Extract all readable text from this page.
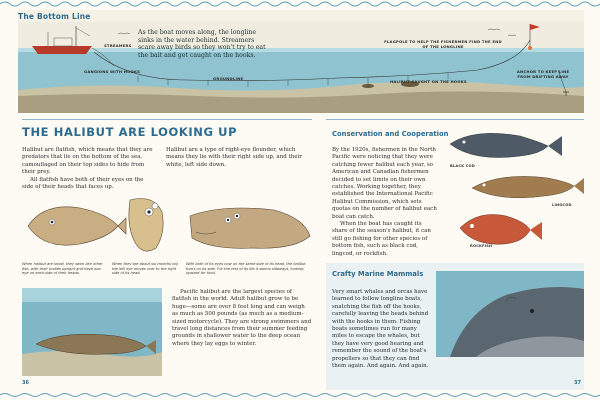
The Bottom Line
As the boat moves along, the longline sinks in the water behind. Streamers scare away birds so they won't try to eat the bait and get caught on the hooks.
STREAMERS
GANGIONS WITH HOOKS
GROUNDLINE
FLAGPOLE TO HELP THE FISHERMEN FIND THE END OF THE LONGLINE
HALIBUT CAUGHT ON THE HOOKS
ANCHOR TO KEEP LINE FROM DRIFTING AWAY
THE HALIBUT ARE LOOKING UP

Halibut are flatfish, which means that they are predators that lie on the bottom of the sea, camouflaged on their top sides to hide from their prey.

All flatfish have both of their eyes on the side of their heads that faces up.

Halibut are a type of right-eye flounder, which means they lie with their right side up, and their white, left side down.

When halibut are small, they swim like other fish, with their bodies upright and have one eye on each side of their heads.
When they are about six months old, the left eye moves over to the right side of its head.
With both of its eyes now on the same side of its head, the halibut turns on its side. For the rest of its life it swims sideways, looking upward for food.

Pacific halibut are the largest species of flatfish in the world. Adult halibut grow to be huge—some are over 8 feet long and can weigh as much as 500 pounds (as much as a medium-sized motorcycle). They are strong swimmers and travel long distances from their summer feeding grounds in shallower water to the deep ocean where they lay eggs to winter.

36
Conservation and Cooperation

By the 1920s, fishermen in the North Pacific were noticing that they were catching fewer halibut each year, so American and Canadian fishermen decided to set limits on their own catches. Working together, they established the International Pacific Halibut Commission, which sets quotas on the number of halibut each boat can catch.

When the boat has caught its share of the season's halibut, it can still go fishing for other species of bottom fish, such as black cod, lingcod, or rockfish.

BLACK COD
LINGCOD
ROCKFISH
Crafty Marine Mammals

Very smart whales and orcas have learned to follow longline boats, snatching the fish off the hooks, carefully leaving the heads behind with the hooks in them. Fishing boats sometimes run for many miles to escape the whales, but they have very good hearing and remember the sound of the boat's propellers so that they can find them again. And again. And again.

37
